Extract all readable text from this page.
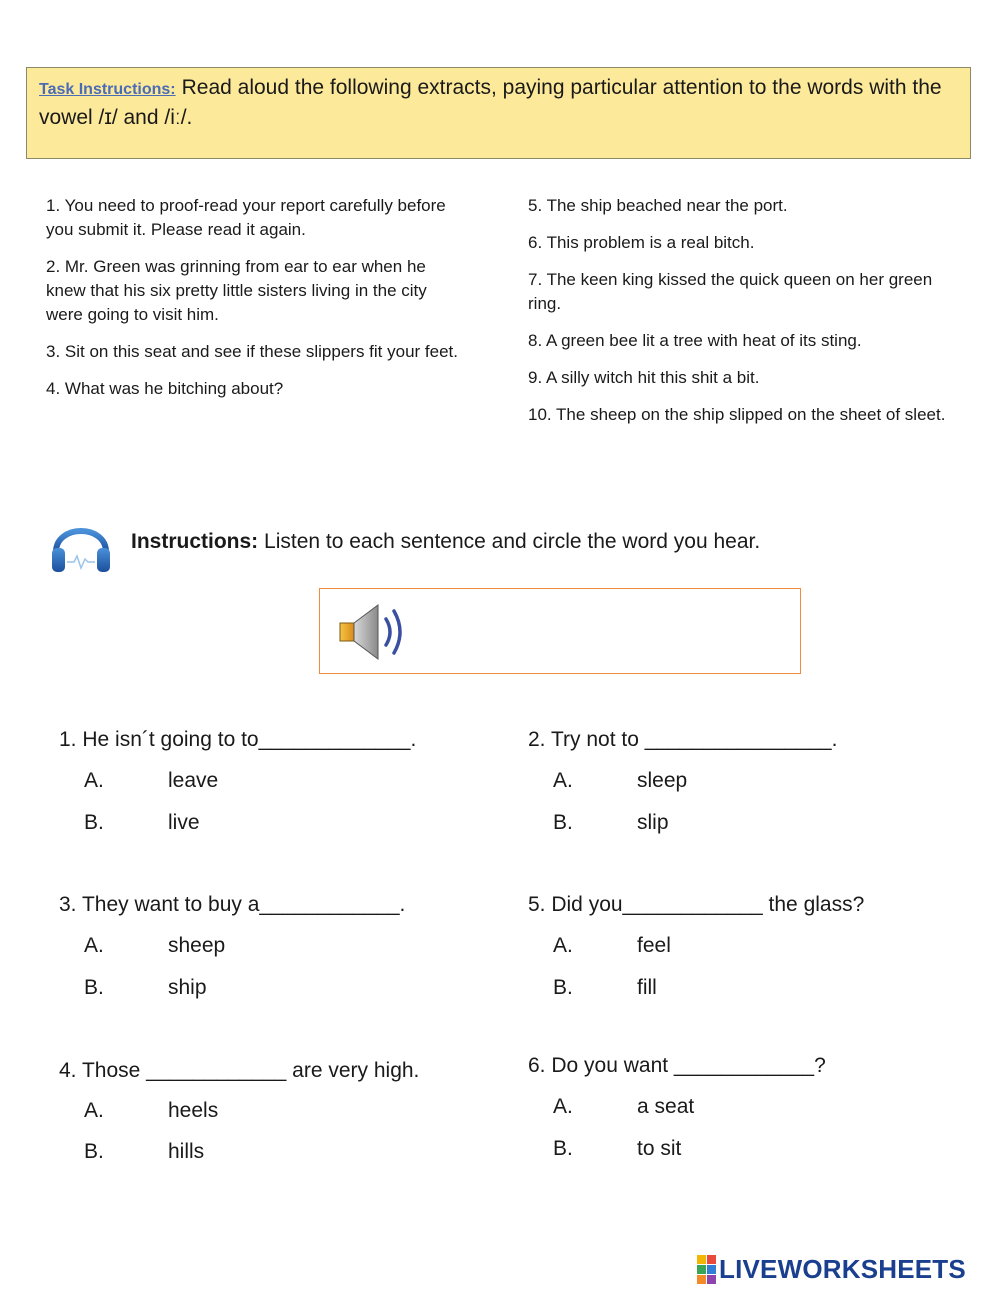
Task Instructions: Read aloud the following extracts, paying particular attention to the words with the vowel /ɪ/ and /iː/.

1. You need to proof-read your report carefully before you submit it. Please read it again.

2. Mr. Green was grinning from ear to ear when he knew that his six pretty little sisters living in the city were going to visit him.

3. Sit on this seat and see if these slippers fit your feet.

4. What was he bitching about?

5. The ship beached near the port.

6. This problem is a real bitch.

7. The keen king kissed the quick queen on her green ring.

8. A green bee lit a tree with heat of its sting.

9. A silly witch hit this shit a bit.

10. The sheep on the ship slipped on the sheet of sleet.

Instructions: Listen to each sentence and circle the word you hear.
1. He isn´t going to to_____________.
A.	leave
B.	live
2. Try not to ________________.
A.	sleep
B.	slip
3. They want to buy a____________.
A.	sheep
B.	ship
5. Did you____________ the glass?
A.	feel
B.	fill
4. Those ____________ are very high.
A.	heels
B.	hills
6. Do you want ____________?
A.	a seat
B.	to sit
LIVEWORKSHEETS
